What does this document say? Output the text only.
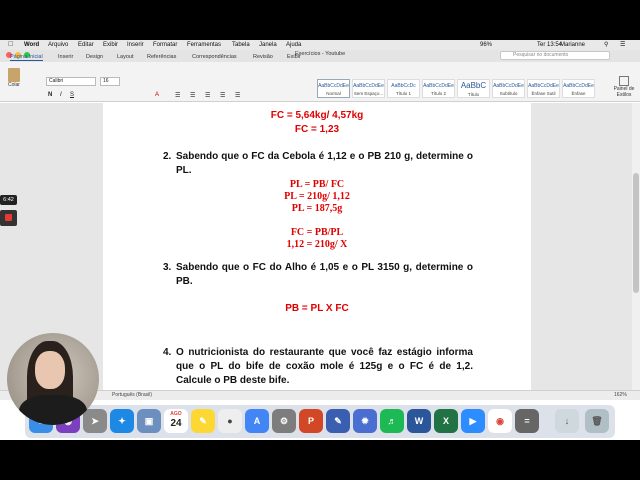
Word Arquivo Editar Exibir Inserir Formatar Ferramentas Tabela Janela Ajuda	96%	Ter 13:54
Marianne	⚲ ☰
Página Inicial	Inserir Design	Layout Referências	Correspondências	Revisão	Exibir
Exercícios - Youtube	Pesquisar no documento
Colar
Calibri	16
N I S	A	☰ ☰ ☰ ☰ ☰
AaBbCcDdEe
Normal
AaBbCcDdEe
Sem Espaço...
AaBbCcDc
Título 1
AaBbCcDdEe
Título 2
AaBbC
Título
AaBbCcDdEe
Subtítulo
AaBbCcDdEe
Ênfase Sutil
AaBbCcDdEe
Ênfase
Painel de Estilos
FC = 5,64kg/ 4,57kg
FC = 1,23
2. Sabendo que o FC da Cebola é 1,12 e o PB 210 g, determine o PL.
PL = PB/ FC
PL = 210g/ 1,12
PL = 187,5g
FC = PB/PL
1,12 = 210g/ X
3. Sabendo que o FC do Alho é 1,05 e o PL 3150 g, determine o PB.
PB = PL X FC
4. O nutricionista do restaurante que você faz estágio informa que o PL do bife de coxão mole é 125g e o FC é de 1,2. Calcule o PB deste bife.
Português (Brasil)	162%
➤	✦	▣
AGO
24	✎	●	A	⚙	P	✎	✹	♬	W	X	▶	◉	=	↓	🗑
6:42
